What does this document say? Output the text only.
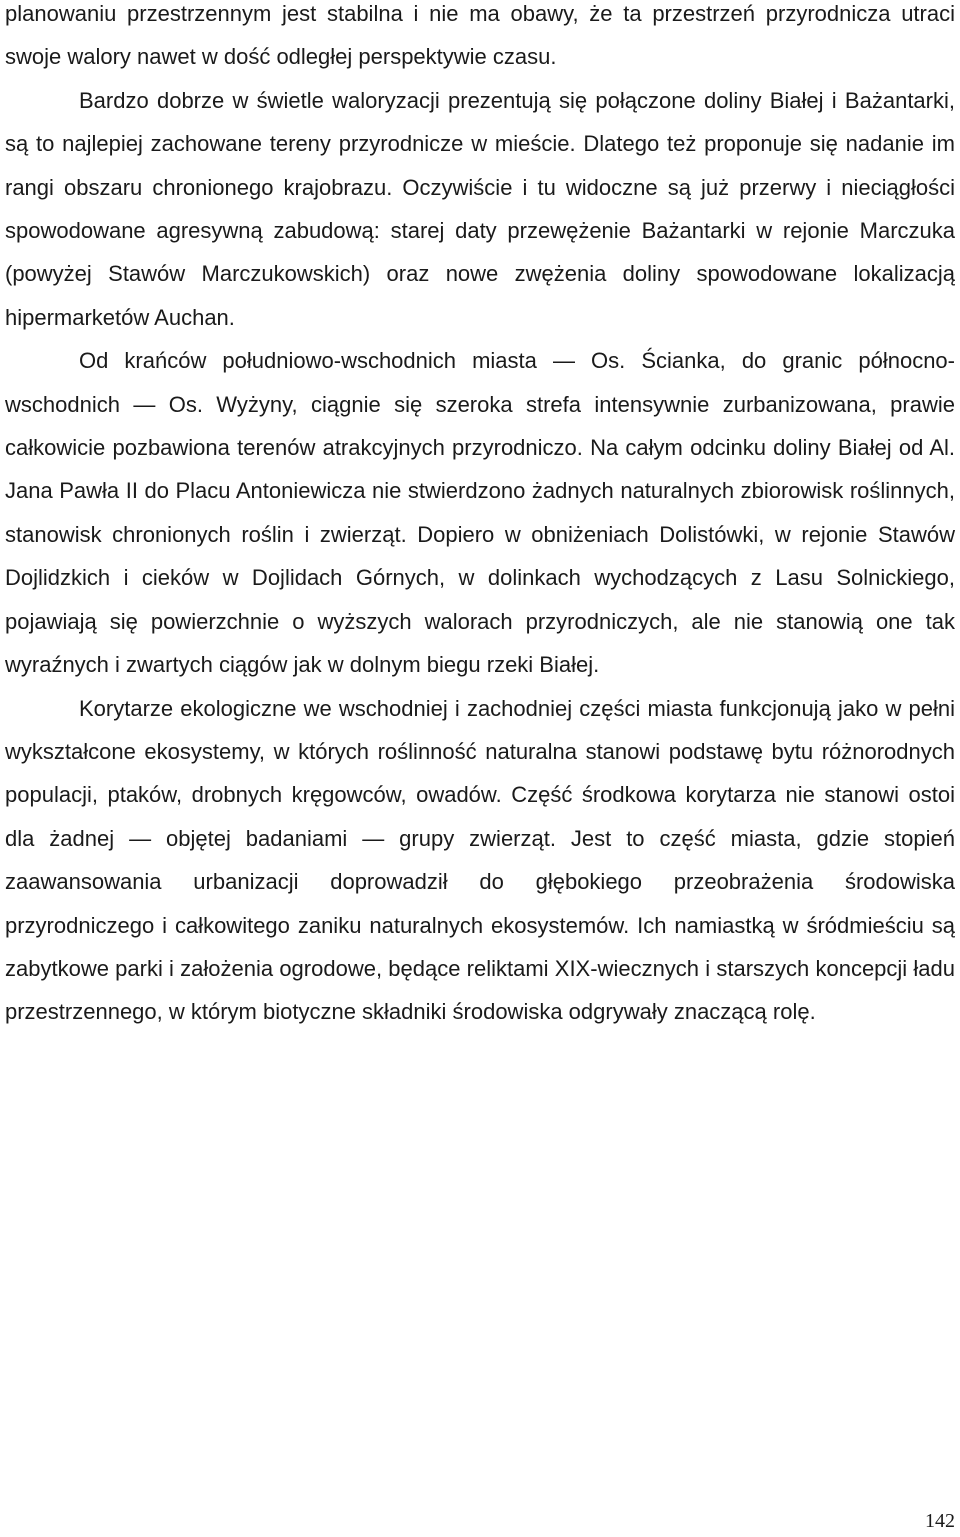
planowaniu przestrzennym jest stabilna i nie ma obawy, że ta przestrzeń przyrodnicza utraci swoje walory nawet w dość odległej perspektywie czasu.

Bardzo dobrze w świetle waloryzacji prezentują się połączone doliny Białej i Bażantarki, są to najlepiej zachowane tereny przyrodnicze w mieście. Dlatego też proponuje się nadanie im rangi obszaru chronionego krajobrazu. Oczywiście i tu widoczne są już przerwy i nieciągłości spowodowane agresywną zabudową: starej daty przewężenie Bażantarki w rejonie Marczuka (powyżej Stawów Marczukowskich) oraz nowe zwężenia doliny spowodowane lokalizacją hipermarketów Auchan.

Od krańców południowo-wschodnich miasta — Os. Ścianka, do granic północno-wschodnich — Os. Wyżyny, ciągnie się szeroka strefa intensywnie zurbanizowana, prawie całkowicie pozbawiona terenów atrakcyjnych przyrodniczo. Na całym odcinku doliny Białej od Al. Jana Pawła II do Placu Antoniewicza nie stwierdzono żadnych naturalnych zbiorowisk roślinnych, stanowisk chronionych roślin i zwierząt. Dopiero w obniżeniach Dolistówki, w rejonie Stawów Dojlidzkich i cieków w Dojlidach Górnych, w dolinkach wychodzących z Lasu Solnickiego, pojawiają się powierzchnie o wyższych walorach przyrodniczych, ale nie stanowią one tak wyraźnych i zwartych ciągów jak w dolnym biegu rzeki Białej.

Korytarze ekologiczne we wschodniej i zachodniej części miasta funkcjonują jako w pełni wykształcone ekosystemy, w których roślinność naturalna stanowi podstawę bytu różnorodnych populacji, ptaków, drobnych kręgowców, owadów. Część środkowa korytarza nie stanowi ostoi dla żadnej — objętej badaniami — grupy zwierząt. Jest to część miasta, gdzie stopień zaawansowania urbanizacji doprowadził do głębokiego przeobrażenia środowiska przyrodniczego i całkowitego zaniku naturalnych ekosystemów. Ich namiastką w śródmieściu są zabytkowe parki i założenia ogrodowe, będące reliktami XIX-wiecznych i starszych koncepcji ładu przestrzennego, w którym biotyczne składniki środowiska odgrywały znaczącą rolę.

142
